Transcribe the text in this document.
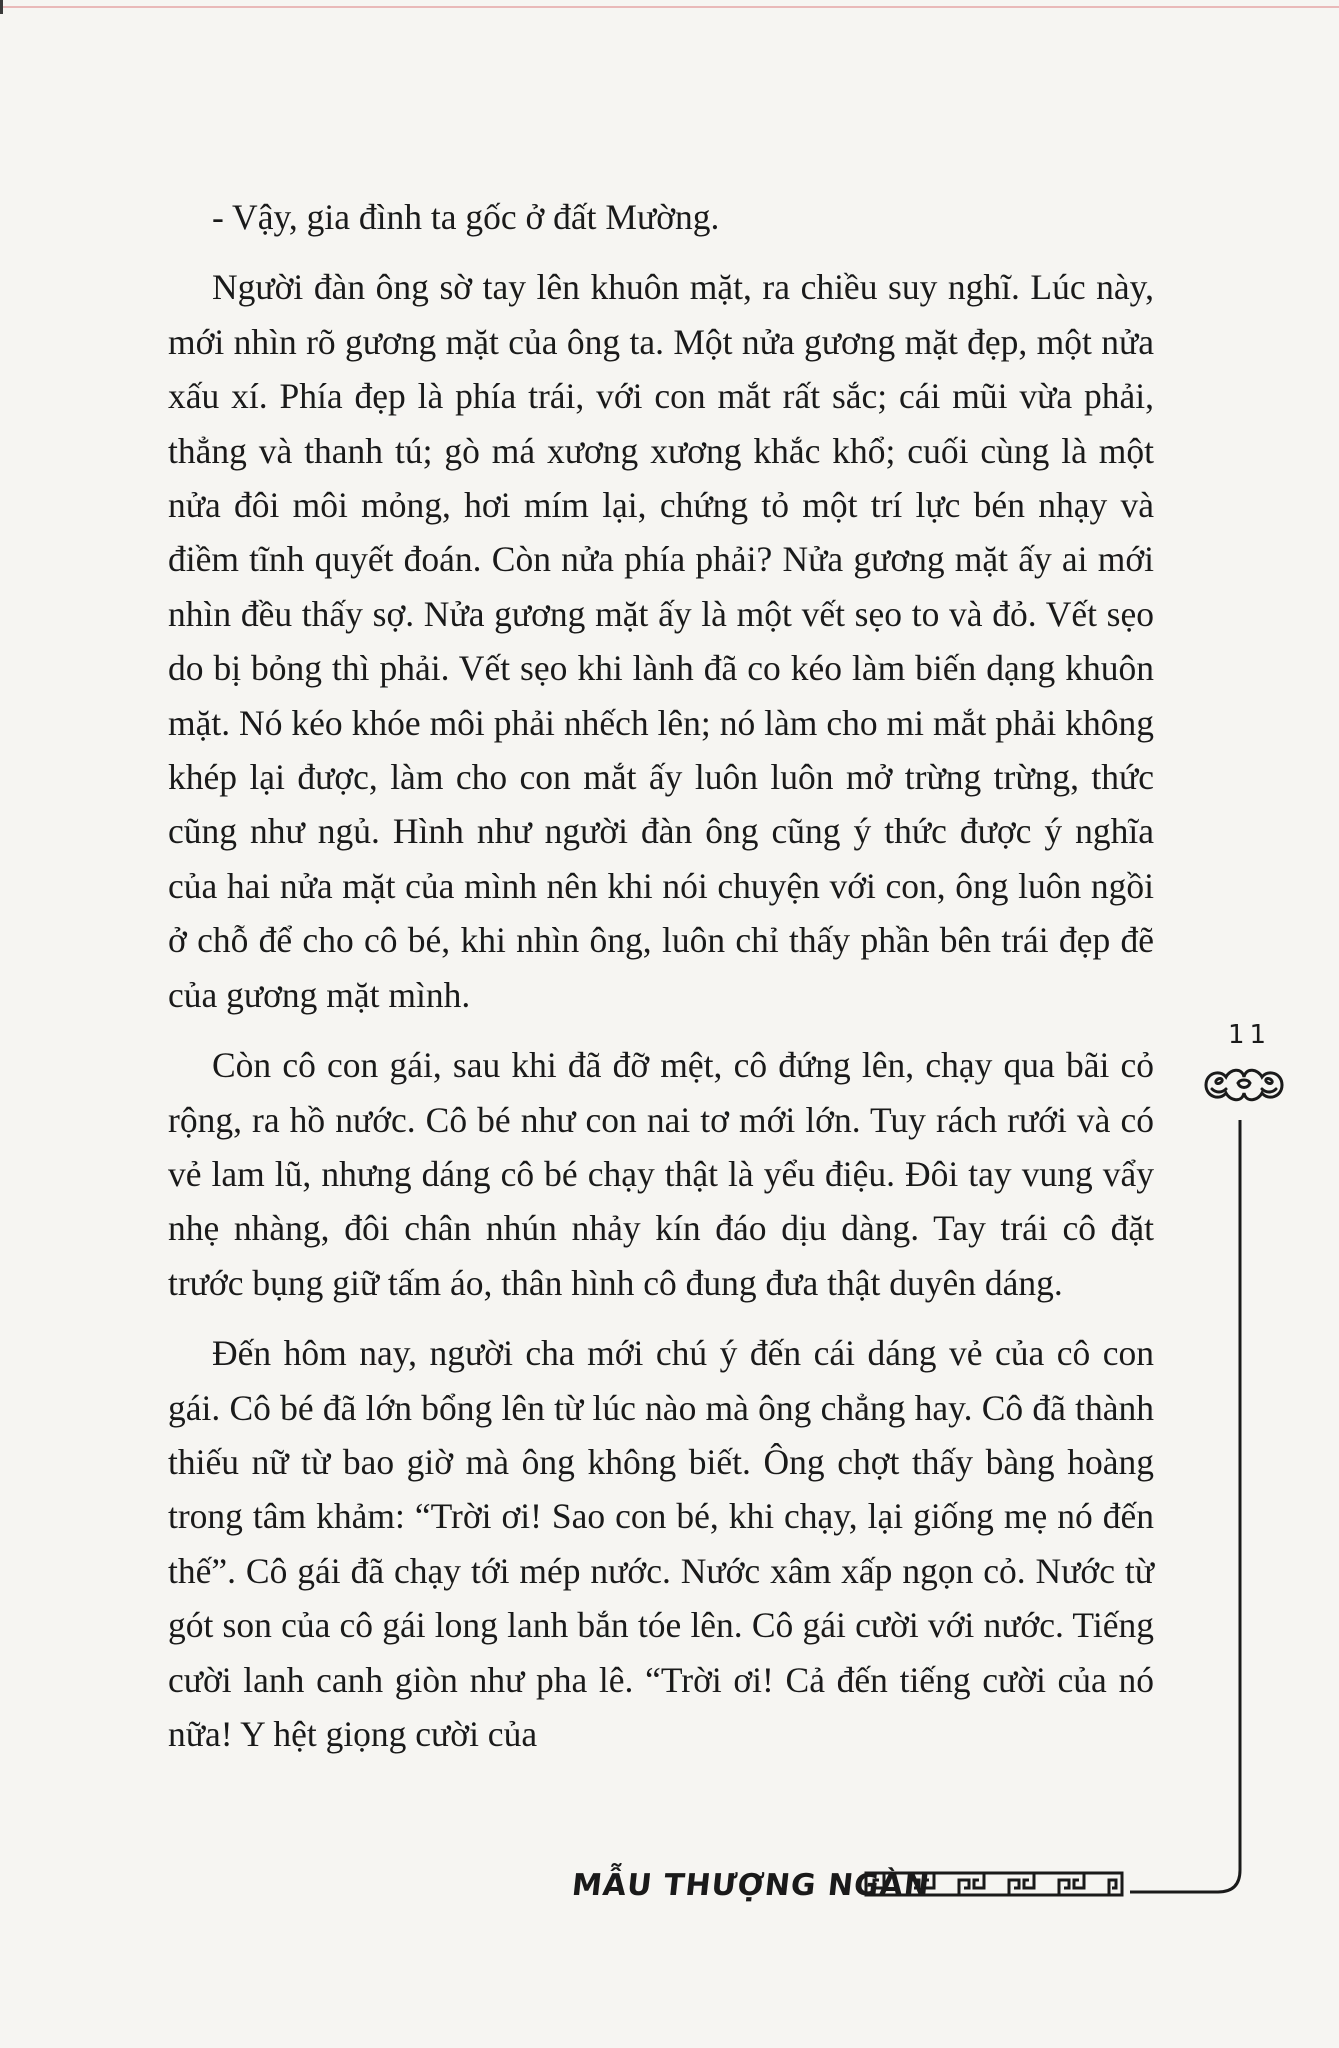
- Vậy, gia đình ta gốc ở đất Mường.

Người đàn ông sờ tay lên khuôn mặt, ra chiều suy nghĩ. Lúc này, mới nhìn rõ gương mặt của ông ta. Một nửa gương mặt đẹp, một nửa xấu xí. Phía đẹp là phía trái, với con mắt rất sắc; cái mũi vừa phải, thẳng và thanh tú; gò má xương xương khắc khổ; cuối cùng là một nửa đôi môi mỏng, hơi mím lại, chứng tỏ một trí lực bén nhạy và điềm tĩnh quyết đoán. Còn nửa phía phải? Nửa gương mặt ấy ai mới nhìn đều thấy sợ. Nửa gương mặt ấy là một vết sẹo to và đỏ. Vết sẹo do bị bỏng thì phải. Vết sẹo khi lành đã co kéo làm biến dạng khuôn mặt. Nó kéo khóe môi phải nhếch lên; nó làm cho mi mắt phải không khép lại được, làm cho con mắt ấy luôn luôn mở trừng trừng, thức cũng như ngủ. Hình như người đàn ông cũng ý thức được ý nghĩa của hai nửa mặt của mình nên khi nói chuyện với con, ông luôn ngồi ở chỗ để cho cô bé, khi nhìn ông, luôn chỉ thấy phần bên trái đẹp đẽ của gương mặt mình.

Còn cô con gái, sau khi đã đỡ mệt, cô đứng lên, chạy qua bãi cỏ rộng, ra hồ nước. Cô bé như con nai tơ mới lớn. Tuy rách rưới và có vẻ lam lũ, nhưng dáng cô bé chạy thật là yểu điệu. Đôi tay vung vẩy nhẹ nhàng, đôi chân nhún nhảy kín đáo dịu dàng. Tay trái cô đặt trước bụng giữ tấm áo, thân hình cô đung đưa thật duyên dáng.

Đến hôm nay, người cha mới chú ý đến cái dáng vẻ của cô con gái. Cô bé đã lớn bổng lên từ lúc nào mà ông chẳng hay. Cô đã thành thiếu nữ từ bao giờ mà ông không biết. Ông chợt thấy bàng hoàng trong tâm khảm: “Trời ơi! Sao con bé, khi chạy, lại giống mẹ nó đến thế”. Cô gái đã chạy tới mép nước. Nước xâm xấp ngọn cỏ. Nước từ gót son của cô gái long lanh bắn tóe lên. Cô gái cười với nước. Tiếng cười lanh canh giòn như pha lê. “Trời ơi! Cả đến tiếng cười của nó nữa! Y hệt giọng cười của

11
MẪU THƯỢNG NGÀN
